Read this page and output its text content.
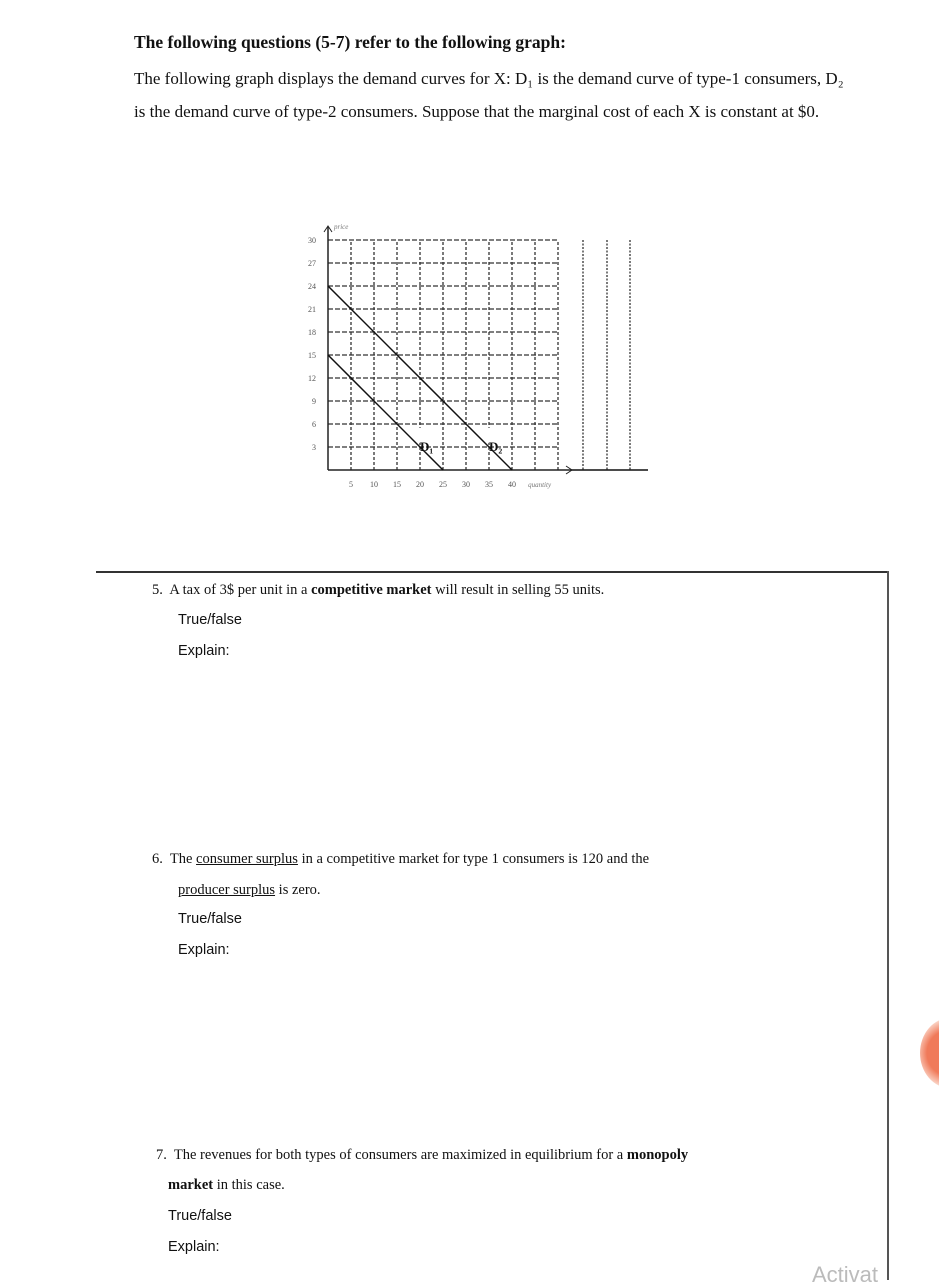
The following questions (5-7) refer to the following graph:
The following graph displays the demand curves for X: D₁ is the demand curve of type-1 consumers, D₂ is the demand curve of type-2 consumers. Suppose that the marginal cost of each X is constant at $0.
3
6
9
12
15
18
21
24
27
30
5 10 15 20 25 30 35 40
price
quantity
D₁	D₂
5. A tax of 3$ per unit in a competitive market will result in selling 55 units.
True/false
Explain:
6. The consumer surplus in a competitive market for type 1 consumers is 120 and the
producer surplus is zero.
True/false
Explain:
7. The revenues for both types of consumers are maximized in equilibrium for a monopoly
market in this case.
True/false
Explain:
Activat
